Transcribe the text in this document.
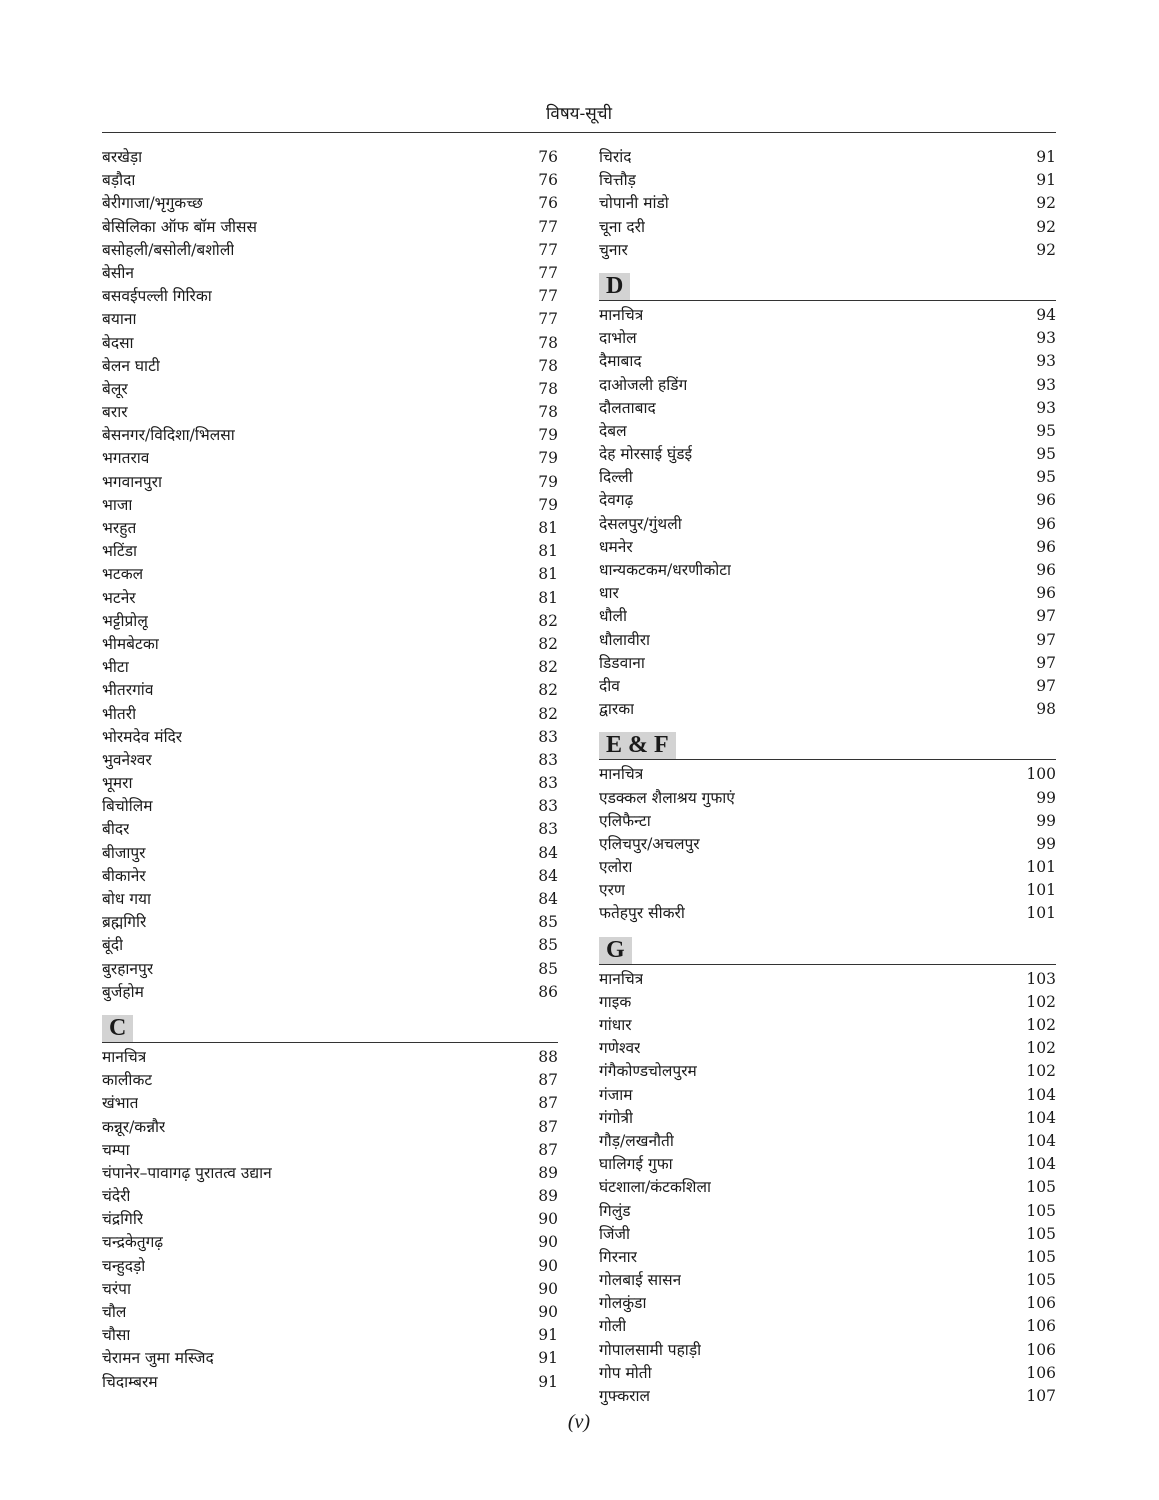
विषय-सूची
बरखेड़ा	76
बड़ौदा	76
बेरीगाजा/भृगुकच्छ	76
बेसिलिका ऑफ बॉम जीसस	77
बसोहली/बसोली/बशोली	77
बेसीन	77
बसवईपल्ली गिरिका	77
बयाना	77
बेदसा	78
बेलन घाटी	78
बेलूर	78
बरार	78
बेसनगर/विदिशा/भिलसा	79
भगतराव	79
भगवानपुरा	79
भाजा	79
भरहुत	81
भटिंडा	81
भटकल	81
भटनेर	81
भट्टीप्रोलू	82
भीमबेटका	82
भीटा	82
भीतरगांव	82
भीतरी	82
भोरमदेव मंदिर	83
भुवनेश्वर	83
भूमरा	83
बिचोलिम	83
बीदर	83
बीजापुर	84
बीकानेर	84
बोध गया	84
ब्रह्मगिरि	85
बूंदी	85
बुरहानपुर	85
बुर्जहोम	86
C
मानचित्र	88
कालीकट	87
खंभात	87
कन्नूर/कन्नौर	87
चम्पा	87
चंपानेर–पावागढ़ पुरातत्व उद्यान	89
चंदेरी	89
चंद्रगिरि	90
चन्द्रकेतुगढ़	90
चन्हुदड़ो	90
चरंपा	90
चौल	90
चौसा	91
चेरामन जुमा मस्जिद	91
चिदाम्बरम	91
चिरांद	91
चित्तौड़	91
चोपानी मांडो	92
चूना दरी	92
चुनार	92
D
मानचित्र	94
दाभोल	93
दैमाबाद	93
दाओजली हडिंग	93
दौलताबाद	93
देबल	95
देह मोरसाई घुंडई	95
दिल्ली	95
देवगढ़	96
देसलपुर/गुंथली	96
धमनेर	96
धान्यकटकम/धरणीकोटा	96
धार	96
धौली	97
धौलावीरा	97
डिडवाना	97
दीव	97
द्वारका	98
E & F
मानचित्र	100
एडक्कल शैलाश्रय गुफाएं	99
एलिफैन्टा	99
एलिचपुर/अचलपुर	99
एलोरा	101
एरण	101
फतेहपुर सीकरी	101
G
मानचित्र	103
गाइक	102
गांधार	102
गणेश्वर	102
गंगैकोण्डचोलपुरम	102
गंजाम	104
गंगोत्री	104
गौड़/लखनौती	104
घालिगई गुफा	104
घंटशाला/कंटकशिला	105
गिलुंड	105
जिंजी	105
गिरनार	105
गोलबाई सासन	105
गोलकुंडा	106
गोली	106
गोपालसामी पहाड़ी	106
गोप मोती	106
गुफ्कराल	107
(v)
